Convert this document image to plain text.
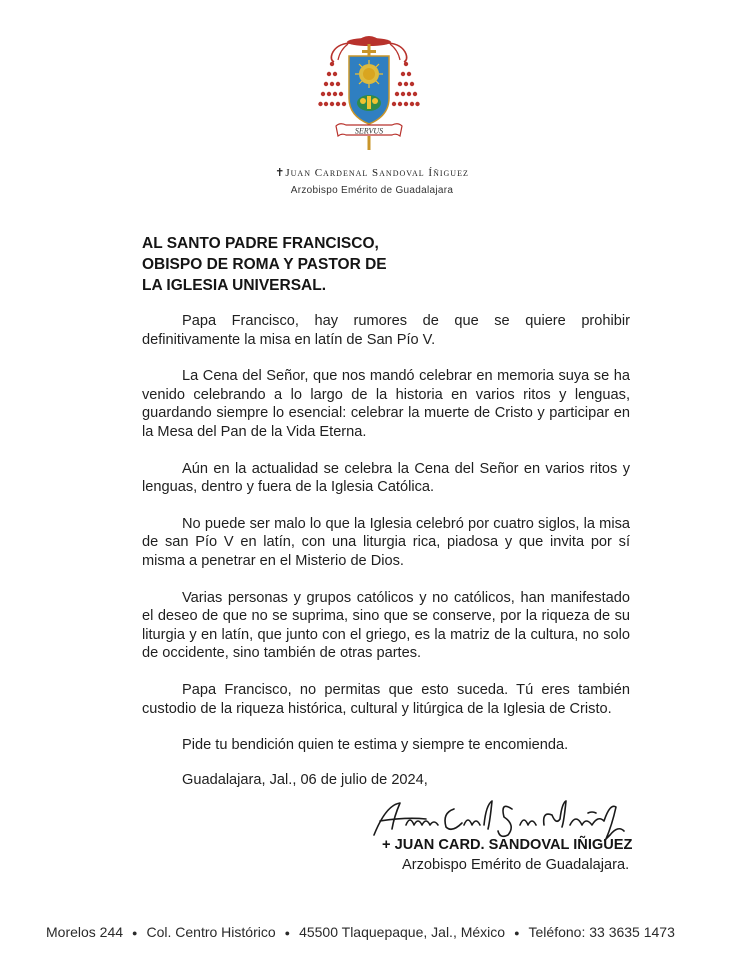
SERVUS
✝Juan Cardenal Sandoval Íñiguez
Arzobispo Emérito de Guadalajara
AL SANTO PADRE FRANCISCO,
OBISPO DE ROMA Y PASTOR DE
LA IGLESIA UNIVERSAL.

Papa Francisco, hay rumores de que se quiere prohibir definitivamente la misa en latín de San Pío V.

La Cena del Señor, que nos mandó celebrar en memoria suya se ha venido celebrando a lo largo de la historia en varios ritos y lenguas, guardando siempre lo esencial: celebrar la muerte de Cristo y participar en la Mesa del Pan de la Vida Eterna.

Aún en la actualidad se celebra la Cena del Señor en varios ritos y lenguas, dentro y fuera de la Iglesia Católica.

No puede ser malo lo que la Iglesia celebró por cuatro siglos, la misa de san Pío V en latín, con una liturgia rica, piadosa y que invita por sí misma a penetrar en el Misterio de Dios.

Varias personas y grupos católicos y no católicos, han manifestado el deseo de que no se suprima, sino que se conserve, por la riqueza de su liturgia y en latín, que junto con el griego, es la matriz de la cultura, no solo de occidente, sino también de otras partes.

Papa Francisco, no permitas que esto suceda. Tú eres también custodio de la riqueza histórica, cultural y litúrgica de la Iglesia de Cristo.

Pide tu bendición quien te estima y siempre te encomienda.

Guadalajara, Jal., 06 de julio de 2024,
Juan Card. Sandoval
+ JUAN CARD. SANDOVAL IÑIGUEZ
Arzobispo Emérito de Guadalajara.
Morelos 244 ● Col. Centro Histórico ● 45500 Tlaquepaque, Jal., México ● Teléfono: 33 3635 1473
